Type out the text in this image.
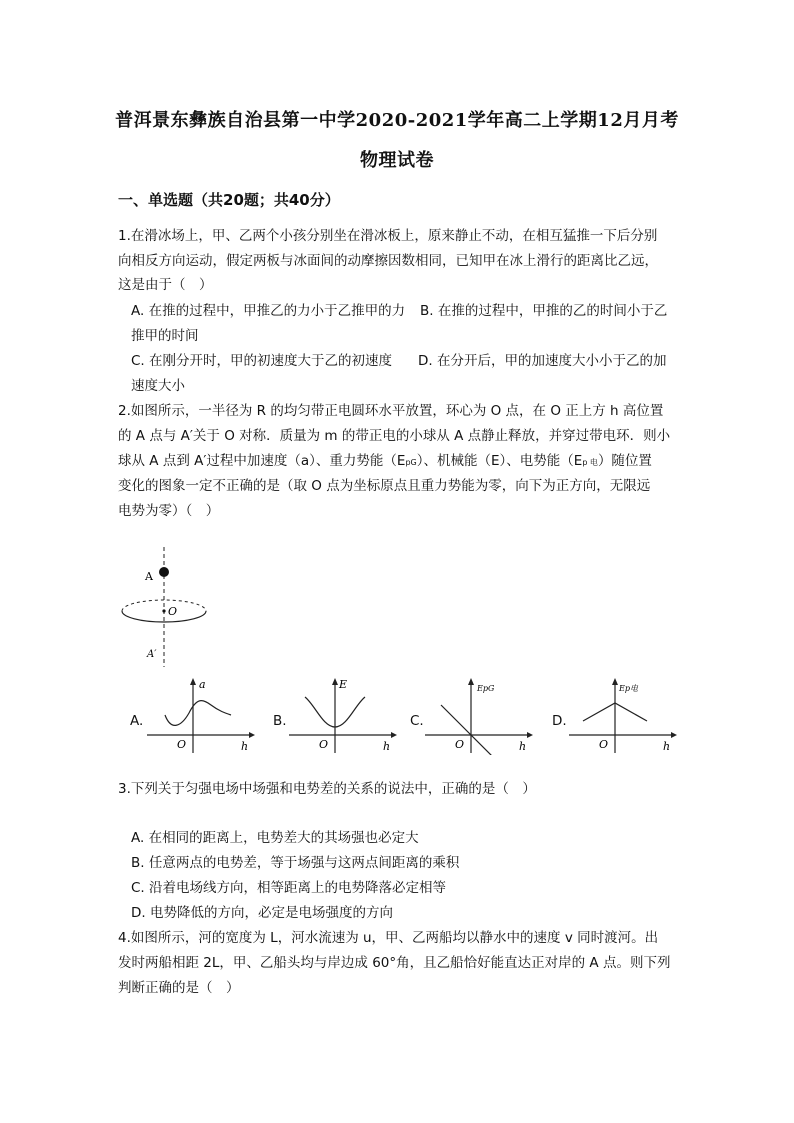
普洱景东彝族自治县第一中学2020-2021学年高二上学期12月月考
物理试卷
一、单选题（共20题；共40分）
1.在滑冰场上，甲、乙两个小孩分别坐在滑冰板上，原来静止不动，在相互猛推一下后分别
向相反方向运动，假定两板与冰面间的动摩擦因数相同，已知甲在冰上滑行的距离比乙远，
这是由于（　）
A. 在推的过程中，甲推乙的力小于乙推甲的力 B. 在推的过程中，甲推的乙的时间小于乙
推甲的时间
C. 在刚分开时，甲的初速度大于乙的初速度 D. 在分开后，甲的加速度大小小于乙的加
速度大小
2.如图所示，一半径为 R 的均匀带正电圆环水平放置，环心为 O 点，在 O 正上方 h 高位置
的 A 点与 A′关于 O 对称．质量为 m 的带正电的小球从 A 点静止释放，并穿过带电环．则小
球从 A 点到 A′过程中加速度（a）、重力势能（EpG）、机械能（E）、电势能（Ep 电）随位置
变化的图象一定不正确的是（取 O 点为坐标原点且重力势能为零，向下为正方向，无限远
电势为零）（　）
A
O
A′
A.
a
O	h
B.
E
O	h
C.
EpG
O	h
D.
Ep电
O	h
3.下列关于匀强电场中场强和电势差的关系的说法中，正确的是（　）
A. 在相同的距离上，电势差大的其场强也必定大
B. 任意两点的电势差，等于场强与这两点间距离的乘积
C. 沿着电场线方向，相等距离上的电势降落必定相等
D. 电势降低的方向，必定是电场强度的方向
4.如图所示，河的宽度为 L，河水流速为 u，甲、乙两船均以静水中的速度 v 同时渡河。出
发时两船相距 2L，甲、乙船头均与岸边成 60°角，且乙船恰好能直达正对岸的 A 点。则下列
判断正确的是（　）
